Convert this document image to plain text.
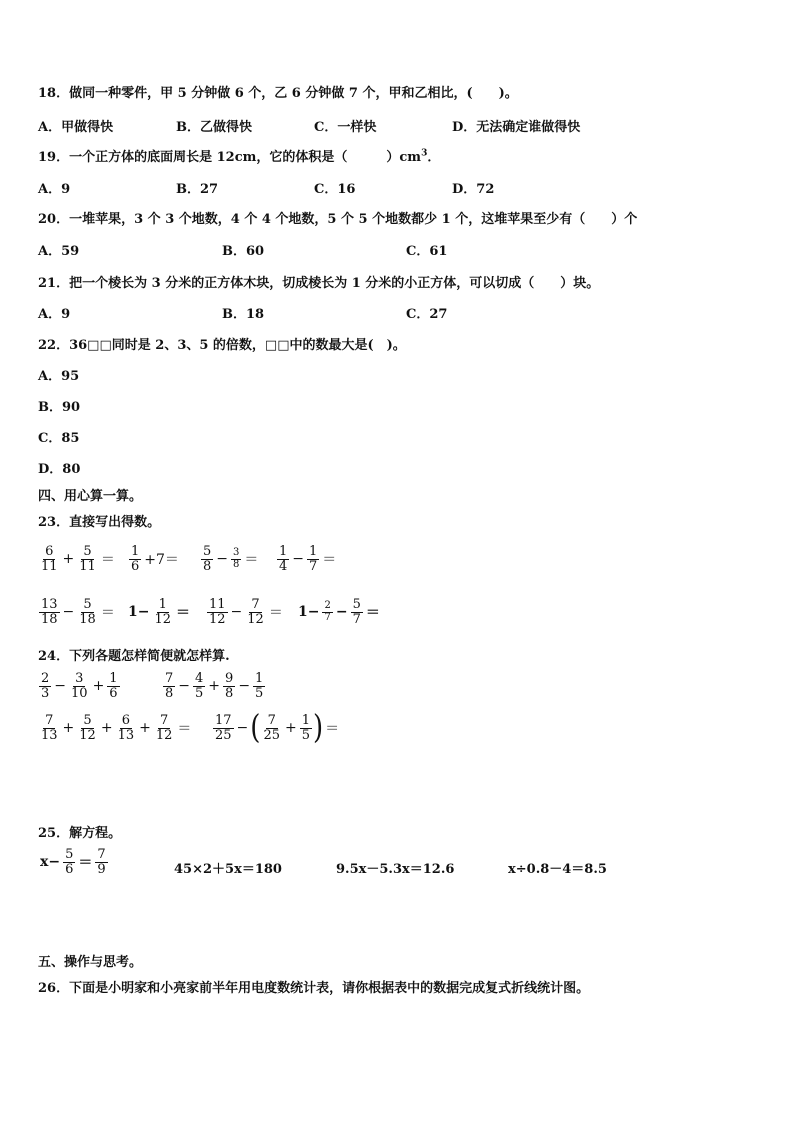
18．做同一种零件，甲 5 分钟做 6 个，乙 6 分钟做 7 个，甲和乙相比，(　　)。
A．甲做得快	B．乙做得快	C．一样快	D．无法确定谁做得快
19．一个正方体的底面周长是 12cm，它的体积是（　　　）$cm^3$．
A．9	B．27	C．16	D．72
20．一堆苹果，3 个 3 个地数，4 个 4 个地数，5 个 5 个地数都少 1 个，这堆苹果至少有（　　）个
A．59	B．60	C．61
21．把一个棱长为 3 分米的正方体木块，切成棱长为 1 分米的小正方体，可以切成（　　）块。
A．9	B．18	C．27
22．36□□同时是 2、3、5 的倍数，□□中的数最大是(　)。
A．95
B．90
C．85
D．80
四、用心算一算。
23．直接写出得数。
$\frac{6}{11} + \frac{5}{11} = \frac{1}{6} +7= \frac{5}{8} - \frac{3}{8} = \frac{1}{4} - \frac{1}{7}$ ＝
$\frac{13}{18} - \frac{5}{18} = 1- \frac{1}{12} = \frac{11}{12} - \frac{7}{12} = 1- \frac{2}{7} - \frac{5}{7}$ ＝
24．下列各题怎样简便就怎样算.
$\frac{2}{3} - \frac{3}{10} + \frac{1}{6}$	$\frac{7}{8} - \frac{4}{5} + \frac{9}{8} - \frac{1}{5}$
$\frac{7}{13} + \frac{5}{12} + \frac{6}{13} + \frac{7}{12} = \frac{17}{25}$ − ( $\frac{7}{25} + \frac{1}{5}$ ) ＝
25．解方程。
$x- \frac{5}{6} = \frac{7}{9}$	45×2＋5x＝180	9.5x－5.3x＝12.6	x÷0.8－4＝8.5
五、操作与思考。
26．下面是小明家和小亮家前半年用电度数统计表，请你根据表中的数据完成复式折线统计图。
